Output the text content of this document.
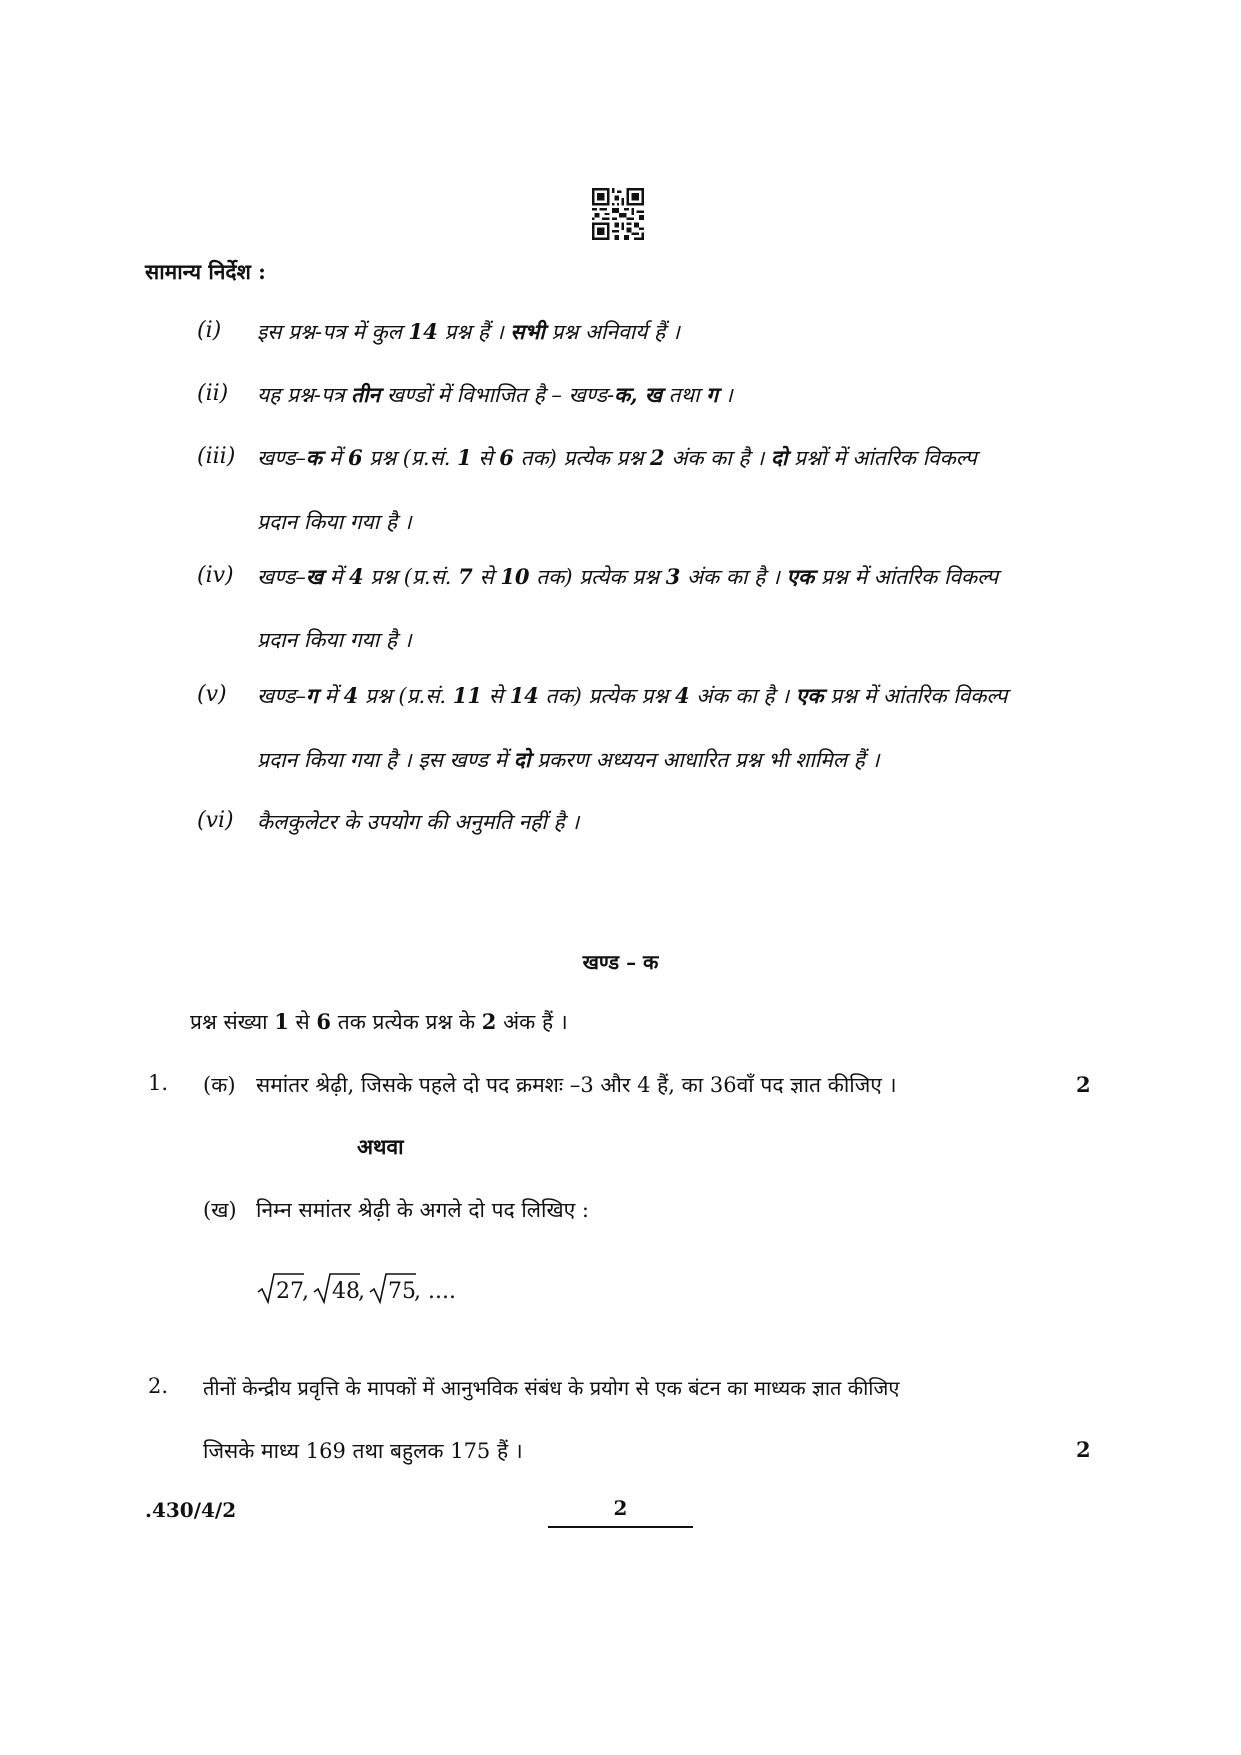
सामान्य निर्देश :
(i) इस प्रश्न-पत्र में कुल 14 प्रश्न हैं । सभी प्रश्न अनिवार्य हैं ।
(ii) यह प्रश्न-पत्र तीन खण्डों में विभाजित है – खण्ड-क, ख तथा ग ।
(iii) खण्ड–क में 6 प्रश्न (प्र.सं. 1 से 6 तक) प्रत्येक प्रश्न 2 अंक का है । दो प्रश्नों में आंतरिक विकल्प
प्रदान किया गया है ।
(iv) खण्ड–ख में 4 प्रश्न (प्र.सं. 7 से 10 तक) प्रत्येक प्रश्न 3 अंक का है । एक प्रश्न में आंतरिक विकल्प
प्रदान किया गया है ।
(v) खण्ड–ग में 4 प्रश्न (प्र.सं. 11 से 14 तक) प्रत्येक प्रश्न 4 अंक का है । एक प्रश्न में आंतरिक विकल्प
प्रदान किया गया है । इस खण्ड में दो प्रकरण अध्ययन आधारित प्रश्न भी शामिल हैं ।
(vi) कैलकुलेटर के उपयोग की अनुमति नहीं है ।
खण्ड – क
प्रश्न संख्या 1 से 6 तक प्रत्येक प्रश्न के 2 अंक हैं ।
1. (क) समांतर श्रेढ़ी, जिसके पहले दो पद क्रमशः –3 और 4 हैं, का 36वाँ पद ज्ञात कीजिए ।	2
अथवा
(ख) निम्न समांतर श्रेढ़ी के अगले दो पद लिखिए :
27
, 48
, 75
, ....
2. तीनों केन्द्रीय प्रवृत्ति के मापकों में आनुभविक संबंध के प्रयोग से एक बंटन का माध्यक ज्ञात कीजिए
जिसके माध्य 169 तथा बहुलक 175 हैं ।	2
.430/4/2	2
